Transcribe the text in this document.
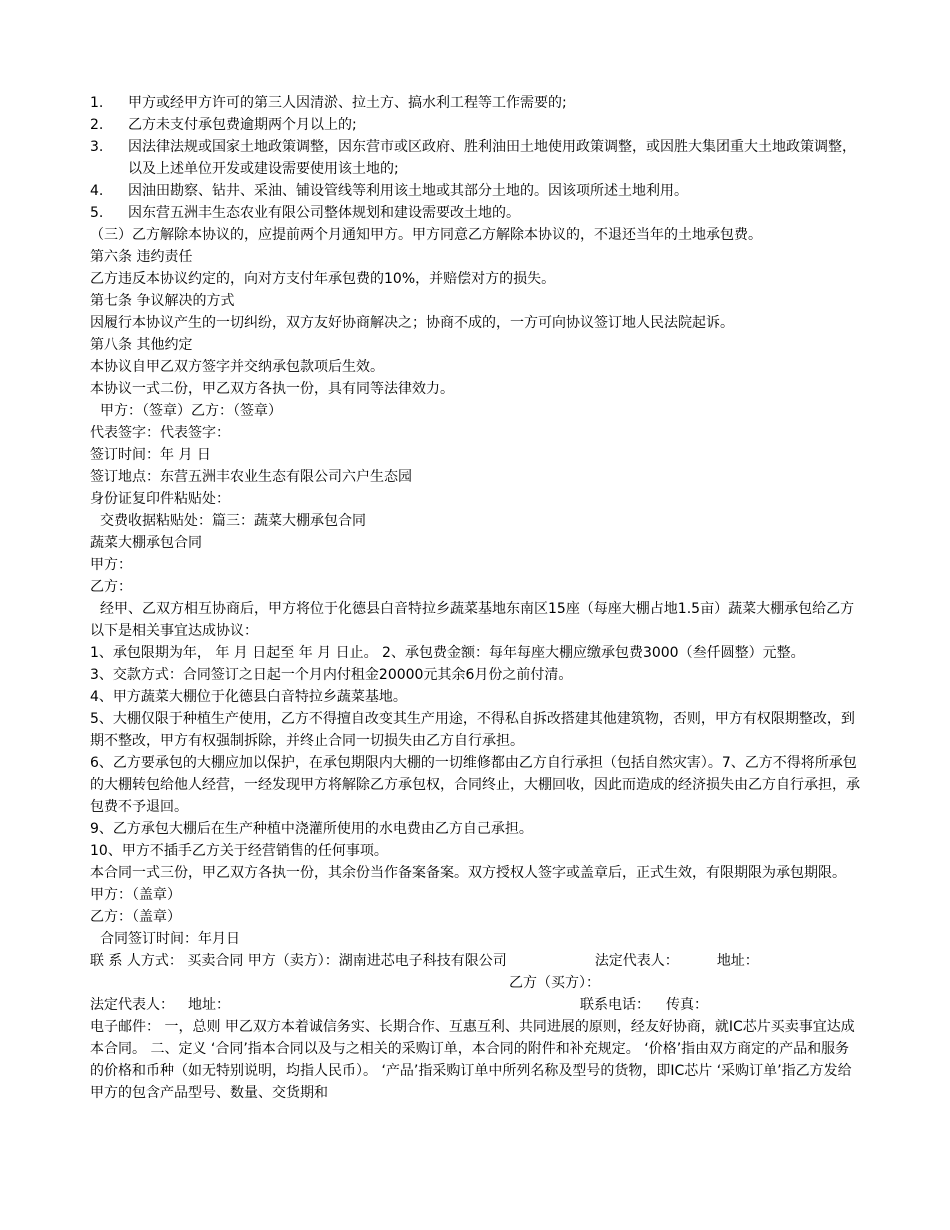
1. 甲方或经甲方许可的第三人因清淤、拉土方、搞水利工程等工作需要的;

2. 乙方未支付承包费逾期两个月以上的;

3. 因法律法规或国家土地政策调整，因东营市或区政府、胜利油田土地使用政策调整，或因胜大集团重大土地政策调整，以及上述单位开发或建设需要使用该土地的;

4. 因油田勘察、钻井、采油、铺设管线等利用该土地或其部分土地的。因该项所述土地利用。

5. 因东营五洲丰生态农业有限公司整体规划和建设需要改土地的。

（三）乙方解除本协议的，应提前两个月通知甲方。甲方同意乙方解除本协议的，不退还当年的土地承包费。

第六条 违约责任

乙方违反本协议约定的，向对方支付年承包费的10%，并赔偿对方的损失。

第七条 争议解决的方式

因履行本协议产生的一切纠纷，双方友好协商解决之；协商不成的，一方可向协议签订地人民法院起诉。

第八条 其他约定

本协议自甲乙双方签字并交纳承包款项后生效。

本协议一式二份，甲乙双方各执一份，具有同等法律效力。

甲方：（签章）乙方：（签章）

代表签字：代表签字：

签订时间：年 月 日

签订地点：东营五洲丰农业生态有限公司六户生态园

身份证复印件粘贴处：

交费收据粘贴处：篇三：蔬菜大棚承包合同

蔬菜大棚承包合同

甲方：

乙方：

经甲、乙双方相互协商后，甲方将位于化德县白音特拉乡蔬菜基地东南区15座（每座大棚占地1.5亩）蔬菜大棚承包给乙方以下是相关事宜达成协议：

1、承包限期为年， 年 月 日起至 年 月 日止。 2、承包费金额：每年每座大棚应缴承包费3000（叁仟圆整）元整。

3、交款方式：合同签订之日起一个月内付租金20000元其余6月份之前付清。

4、甲方蔬菜大棚位于化德县白音特拉乡蔬菜基地。

5、大棚仅限于种植生产使用，乙方不得擅自改变其生产用途，不得私自拆改搭建其他建筑物，否则，甲方有权限期整改，到期不整改，甲方有权强制拆除，并终止合同一切损失由乙方自行承担。

6、乙方要承包的大棚应加以保护，在承包期限内大棚的一切维修都由乙方自行承担（包括自然灾害）。7、乙方不得将所承包的大棚转包给他人经营，一经发现甲方将解除乙方承包权，合同终止，大棚回收，因此而造成的经济损失由乙方自行承担，承包费不予退回。

9、乙方承包大棚后在生产种植中浇灌所使用的水电费由乙方自己承担。

10、甲方不插手乙方关于经营销售的任何事项。

本合同一式三份，甲乙双方各执一份，其余份当作备案备案。双方授权人签字或盖章后，正式生效，有限期限为承包期限。 甲方：（盖章）

乙方：（盖章）

合同签订时间：年月日

联 系 人方式： 买卖合同 甲方（卖方）：湖南进芯电子科技有限公司	法定代表人：	地址：

乙方（买方）：

法定代表人： 地址：	联系电话： 传真：

电子邮件： 一，总则 甲乙双方本着诚信务实、长期合作、互惠互利、共同进展的原则，经友好协商，就IC芯片买卖事宜达成本合同。 二、定义 ‘合同’指本合同以及与之相关的采购订单，本合同的附件和补充规定。 ‘价格’指由双方商定的产品和服务的价格和币种（如无特别说明，均指人民币）。 ‘产品’指采购订单中所列名称及型号的货物，即IC芯片 ‘采购订单’指乙方发给甲方的包含产品型号、数量、交货期和
